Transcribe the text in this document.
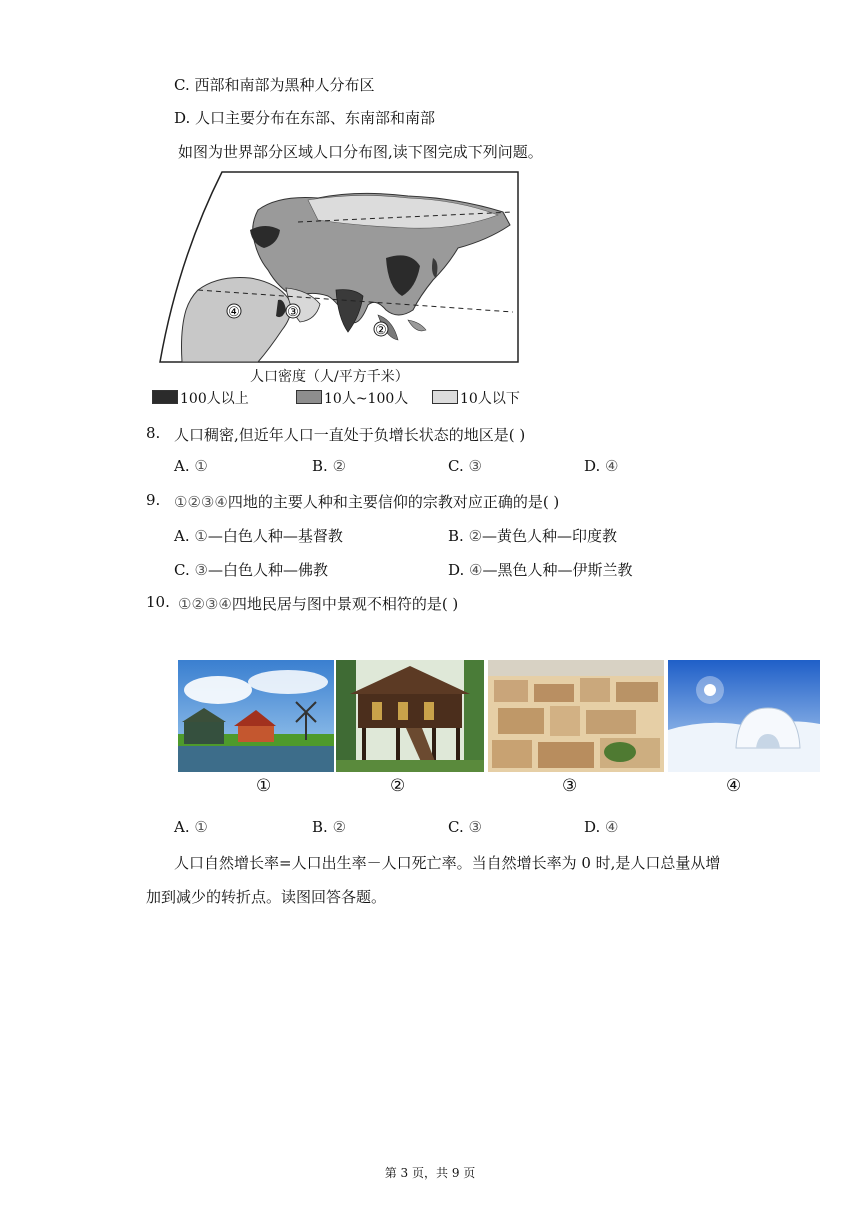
C. 西部和南部为黑种人分布区
D. 人口主要分布在东部、东南部和南部
如图为世界部分区域人口分布图,读下图完成下列问题。
④	③
②
人口密度（人/平方千米）
100人以上	10人~100人	10人以下
8. 人口稠密,但近年人口一直处于负增长状态的地区是( )
A. ①	B. ②	C. ③	D. ④
9. ①②③④四地的主要人种和主要信仰的宗教对应正确的是( )
A. ①—白色人种—基督教	B. ②—黄色人种—印度教
C. ③—白色人种—佛教	D. ④—黑色人种—伊斯兰教
10. ①②③④四地民居与图中景观不相符的是( )
①	②	③	④
A. ①	B. ②	C. ③	D. ④
人口自然增长率=人口出生率－人口死亡率。当自然增长率为 0 时,是人口总量从增
加到减少的转折点。读图回答各题。
第 3 页，共 9 页
